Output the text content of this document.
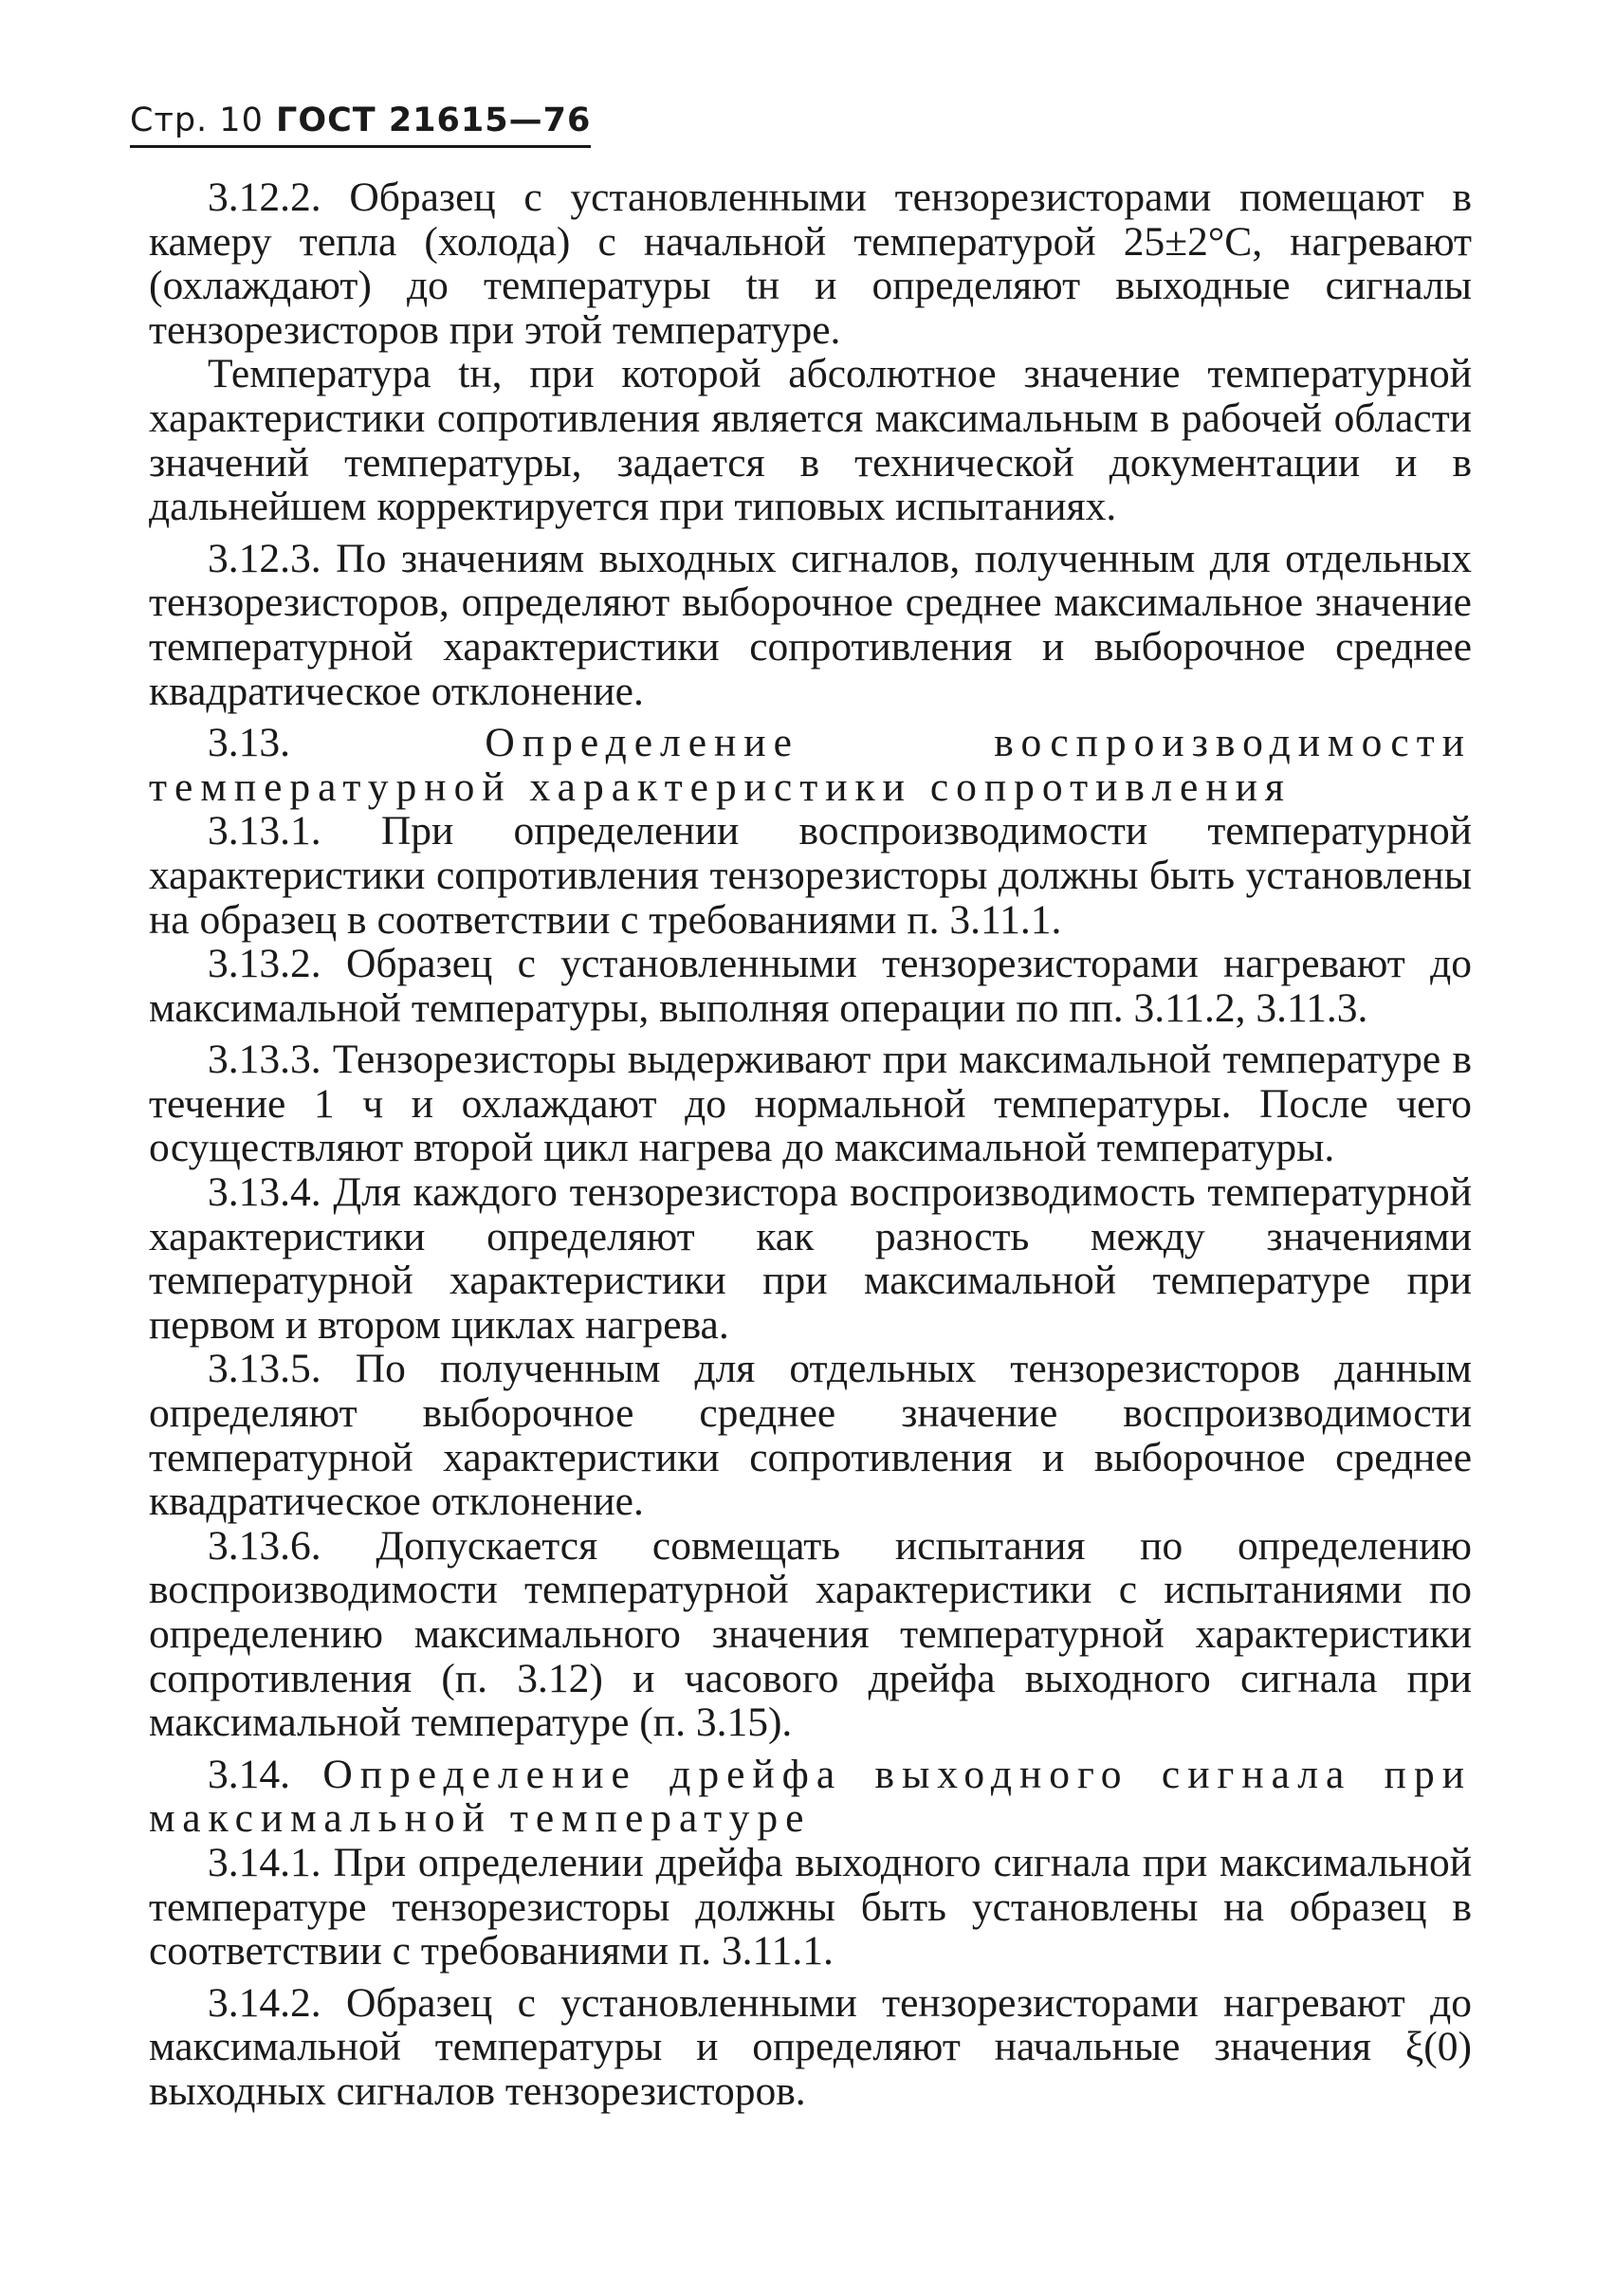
Стр. 10 ГОСТ 21615—76

3.12.2. Образец с установленными тензорезисторами помещают в камеру тепла (холода) с начальной температурой 25±2°C, нагревают (охлаждают) до температуры tн и определяют выходные сигналы тензорезисторов при этой температуре.

Температура tн, при которой абсолютное значение температурной характеристики сопротивления является максимальным в рабочей области значений температуры, задается в технической документации и в дальнейшем корректируется при типовых испытаниях.

3.12.3. По значениям выходных сигналов, полученным для отдельных тензорезисторов, определяют выборочное среднее максимальное значение температурной характеристики сопротивления и выборочное среднее квадратическое отклонение.

3.13.	Определение воспроизводимости температурной характеристики сопротивления

3.13.1. При определении воспроизводимости температурной характеристики сопротивления тензорезисторы должны быть установлены на образец в соответствии с требованиями п. 3.11.1.

3.13.2. Образец с установленными тензорезисторами нагревают до максимальной температуры, выполняя операции по пп. 3.11.2, 3.11.3.

3.13.3. Тензорезисторы выдерживают при максимальной температуре в течение 1 ч и охлаждают до нормальной температуры. После чего осуществляют второй цикл нагрева до максимальной температуры.

3.13.4. Для каждого тензорезистора воспроизводимость температурной характеристики определяют как разность между значениями температурной характеристики при максимальной температуре при первом и втором циклах нагрева.

3.13.5. По полученным для отдельных тензорезисторов данным определяют выборочное среднее значение воспроизводимости температурной характеристики сопротивления и выборочное среднее квадратическое отклонение.

3.13.6. Допускается совмещать испытания по определению воспроизводимости температурной характеристики с испытаниями по определению максимального значения температурной характеристики сопротивления (п. 3.12) и часового дрейфа выходного сигнала при максимальной температуре (п. 3.15).

3.14. Определение дрейфа выходного сигнала при максимальной температуре

3.14.1. При определении дрейфа выходного сигнала при максимальной температуре тензорезисторы должны быть установлены на образец в соответствии с требованиями п. 3.11.1.

3.14.2. Образец с установленными тензорезисторами нагревают до максимальной температуры и определяют начальные значения ξ(0) выходных сигналов тензорезисторов.
